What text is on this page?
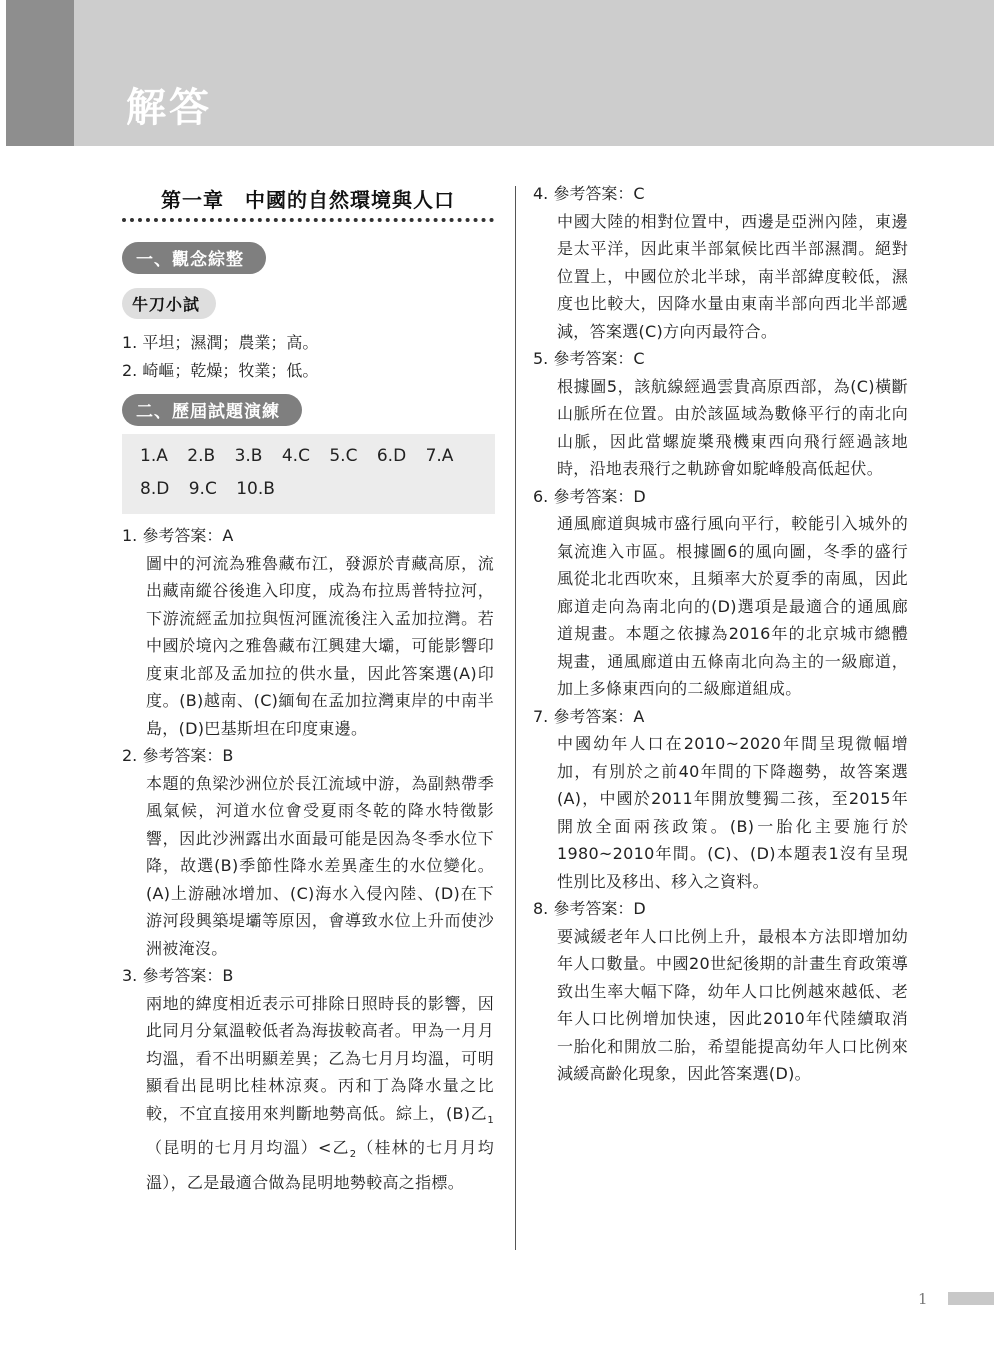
解答
第一章　中國的自然環境與人口
一、觀念綜整
牛刀小試
1. 平坦；濕潤；農業；高。
2. 崎嶇；乾燥；牧業；低。
二、歷屆試題演練
1.A 2.B 3.B 4.C 5.C 6.D 7.A
8.D 9.C 10.B
1. 參考答案：A
圖中的河流為雅魯藏布江，發源於青藏高原，流出藏南縱谷後進入印度，成為布拉馬普特拉河，下游流經孟加拉與恆河匯流後注入孟加拉灣。若中國於境內之雅魯藏布江興建大壩，可能影響印度東北部及孟加拉的供水量，因此答案選(A)印度。(B)越南、(C)緬甸在孟加拉灣東岸的中南半島，(D)巴基斯坦在印度東邊。
2. 參考答案：B
本題的魚梁沙洲位於長江流域中游，為副熱帶季風氣候，河道水位會受夏雨冬乾的降水特徵影響，因此沙洲露出水面最可能是因為冬季水位下降，故選(B)季節性降水差異產生的水位變化。(A)上游融冰增加、(C)海水入侵內陸、(D)在下游河段興築堤壩等原因，會導致水位上升而使沙洲被淹沒。
3. 參考答案：B
兩地的緯度相近表示可排除日照時長的影響，因此同月分氣溫較低者為海拔較高者。甲為一月月均溫，看不出明顯差異；乙為七月月均溫，可明顯看出昆明比桂林涼爽。丙和丁為降水量之比較，不宜直接用來判斷地勢高低。綜上，(B)乙$_1$（昆明的七月月均溫）<乙$_2$（桂林的七月月均溫），乙是最適合做為昆明地勢較高之指標。
4. 參考答案：C
中國大陸的相對位置中，西邊是亞洲內陸，東邊是太平洋，因此東半部氣候比西半部濕潤。絕對位置上，中國位於北半球，南半部緯度較低，濕度也比較大，因降水量由東南半部向西北半部遞減，答案選(C)方向丙最符合。
5. 參考答案：C
根據圖5，該航線經過雲貴高原西部，為(C)橫斷山脈所在位置。由於該區域為數條平行的南北向山脈，因此當螺旋槳飛機東西向飛行經過該地時，沿地表飛行之軌跡會如駝峰般高低起伏。
6. 參考答案：D
通風廊道與城市盛行風向平行，較能引入城外的氣流進入市區。根據圖6的風向圖，冬季的盛行風從北北西吹來，且頻率大於夏季的南風，因此廊道走向為南北向的(D)選項是最適合的通風廊道規畫。本題之依據為2016年的北京城市總體規畫，通風廊道由五條南北向為主的一級廊道，加上多條東西向的二級廊道組成。
7. 參考答案：A
中國幼年人口在2010~2020年間呈現微幅增加，有別於之前40年間的下降趨勢，故答案選(A)，中國於2011年開放雙獨二孩，至2015年開放全面兩孩政策。(B)一胎化主要施行於1980~2010年間。(C)、(D)本題表1沒有呈現性別比及移出、移入之資料。
8. 參考答案：D
要減緩老年人口比例上升，最根本方法即增加幼年人口數量。中國20世紀後期的計畫生育政策導致出生率大幅下降，幼年人口比例越來越低、老年人口比例增加快速，因此2010年代陸續取消一胎化和開放二胎，希望能提高幼年人口比例來減緩高齡化現象，因此答案選(D)。
1
